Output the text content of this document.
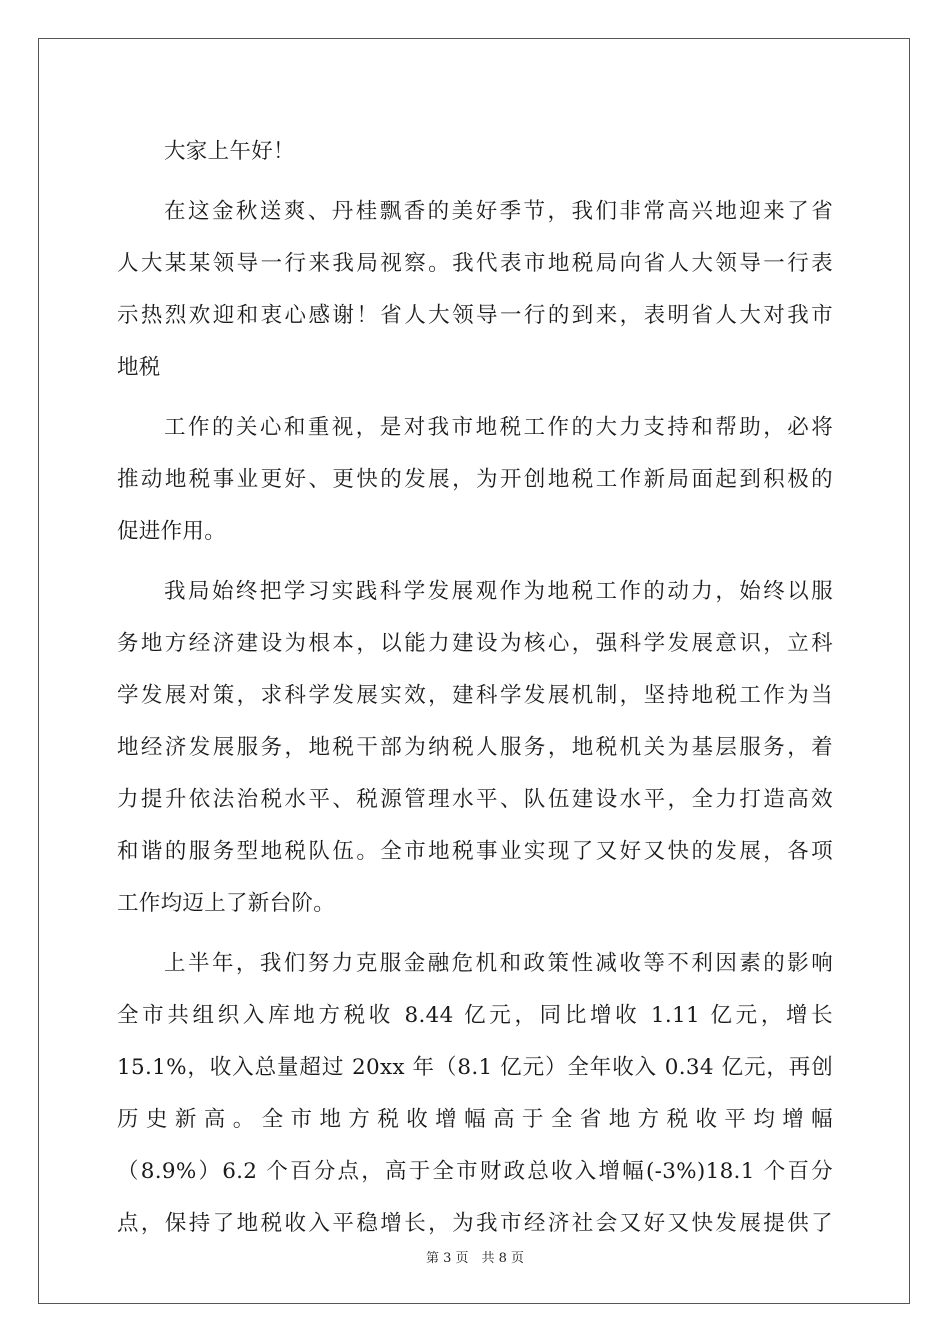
大家上午好！
在这金秋送爽、丹桂飘香的美好季节，我们非常高兴地迎来了省
人大某某领导一行来我局视察。我代表市地税局向省人大领导一行表
示热烈欢迎和衷心感谢！省人大领导一行的到来，表明省人大对我市
地税
工作的关心和重视，是对我市地税工作的大力支持和帮助，必将
推动地税事业更好、更快的发展，为开创地税工作新局面起到积极的
促进作用。
我局始终把学习实践科学发展观作为地税工作的动力，始终以服
务地方经济建设为根本，以能力建设为核心，强科学发展意识，立科
学发展对策，求科学发展实效，建科学发展机制，坚持地税工作为当
地经济发展服务，地税干部为纳税人服务，地税机关为基层服务，着
力提升依法治税水平、税源管理水平、队伍建设水平，全力打造高效
和谐的服务型地税队伍。全市地税事业实现了又好又快的发展，各项
工作均迈上了新台阶。
上半年，我们努力克服金融危机和政策性减收等不利因素的影响
全市共组织入库地方税收 8.44 亿元，同比增收 1.11 亿元，增长
15.1%，收入总量超过 20xx 年（8.1 亿元）全年收入 0.34 亿元，再创
历史新高。全市地方税收增幅高于全省地方税收平均增幅
（8.9%）6.2 个百分点，高于全市财政总收入增幅(-3%)18.1 个百分
点，保持了地税收入平稳增长，为我市经济社会又好又快发展提供了
第 3 页　共 8 页
